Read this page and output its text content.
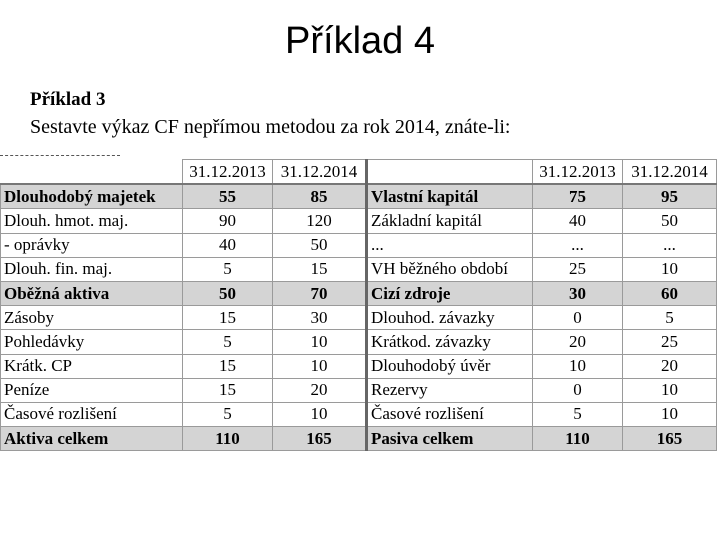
Příklad 4
Příklad 3
Sestavte výkaz CF nepřímou metodou za rok 2014, znáte-li:
	31.12.2013	31.12.2014		31.12.2013	31.12.2014
Dlouhodobý majetek	55	85	Vlastní kapitál	75	95
Dlouh. hmot. maj.	90	120	Základní kapitál	40	50
- oprávky	40	50	...	...	...
Dlouh. fin. maj.	5	15	VH běžného období	25	10
Oběžná aktiva	50	70	Cizí zdroje	30	60
Zásoby	15	30	Dlouhod. závazky	0	5
Pohledávky	5	10	Krátkod. závazky	20	25
Krátk. CP	15	10	Dlouhodobý úvěr	10	20
Peníze	15	20	Rezervy	0	10
Časové rozlišení	5	10	Časové rozlišení	5	10
Aktiva celkem	110	165	Pasiva celkem	110	165
